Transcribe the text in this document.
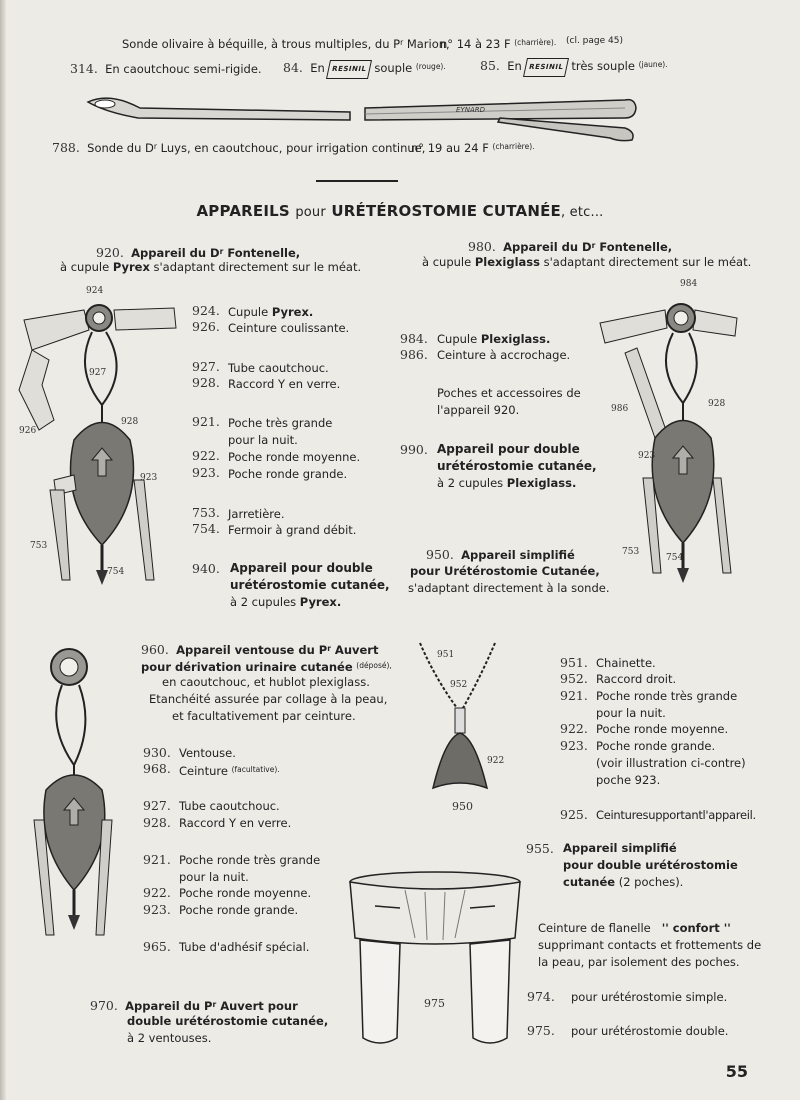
Sonde olivaire à béquille, à trous multiples, du $P^r$ Marion,
n° 14 à 23 F $^{(charrière).}$ (cl. page 45)
314. En caoutchouc semi-rigide. 84. En RESINIL souple $^{(rouge).}$	85. En RESINIL très souple $^{(jaune).}$
EYNARD
788. Sonde du $D^r$ Luys, en caoutchouc, pour irrigation continue,
n° 19 au 24 F $^{(charrière).}$
APPAREILS pour URÉTÉROSTOMIE CUTANÉE, etc...
920. Appareil du $D^r$ Fontenelle,
à cupule Pyrex s'adaptant directement sur le méat.
924
927
928
926
923
753
754
924. Cupule Pyrex.
926. Ceinture coulissante.
927. Tube caoutchouc.
928. Raccord Y en verre.
921. Poche très grande
pour la nuit.
922. Poche ronde moyenne.
923. Poche ronde grande.
753. Jarretière.
754. Fermoir à grand débit.
940. Appareil pour double
urétérostomie cutanée,
à 2 cupules Pyrex.
980. Appareil du $D^r$ Fontenelle,
à cupule Plexiglass s'adaptant directement sur le méat.
984
986	928
923
753
754
984. Cupule Plexiglass.
986. Ceinture à accrochage.
Poches et accessoires de
l'appareil 920.
990. Appareil pour double
urétérostomie cutanée,
à 2 cupules Plexiglass.
950. Appareil simplifié
pour Urétérostomie Cutanée,
s'adaptant directement à la sonde.
960. Appareil ventouse du $P^r$ Auvert
pour dérivation urinaire cutanée $^{(déposé),}$
en caoutchouc, et hublot plexiglass.
Etanchéité assurée par collage à la peau,
et facultativement par ceinture.
930. Ventouse.
968. Ceinture $^{(facultative).}$
927. Tube caoutchouc.
928. Raccord Y en verre.
921. Poche ronde très grande
pour la nuit.
922. Poche ronde moyenne.
923. Poche ronde grande.
965. Tube d'adhésif spécial.
970. Appareil du $P^r$ Auvert pour
double urétérostomie cutanée,
à 2 ventouses.
951
952
922
950
975
951. Chainette.
952. Raccord droit.
921. Poche ronde très grande
pour la nuit.
922. Poche ronde moyenne.
923. Poche ronde grande.
(voir illustration ci-contre)
poche 923.
925. Ceinturesupportantl'appareil.
955. Appareil simplifié
pour double urétérostomie
cutanée (2 poches).
Ceinture de flanelle '' confort ''
supprimant contacts et frottements de
la peau, par isolement des poches.
974. pour urétérostomie simple.
975. pour urétérostomie double.
55
